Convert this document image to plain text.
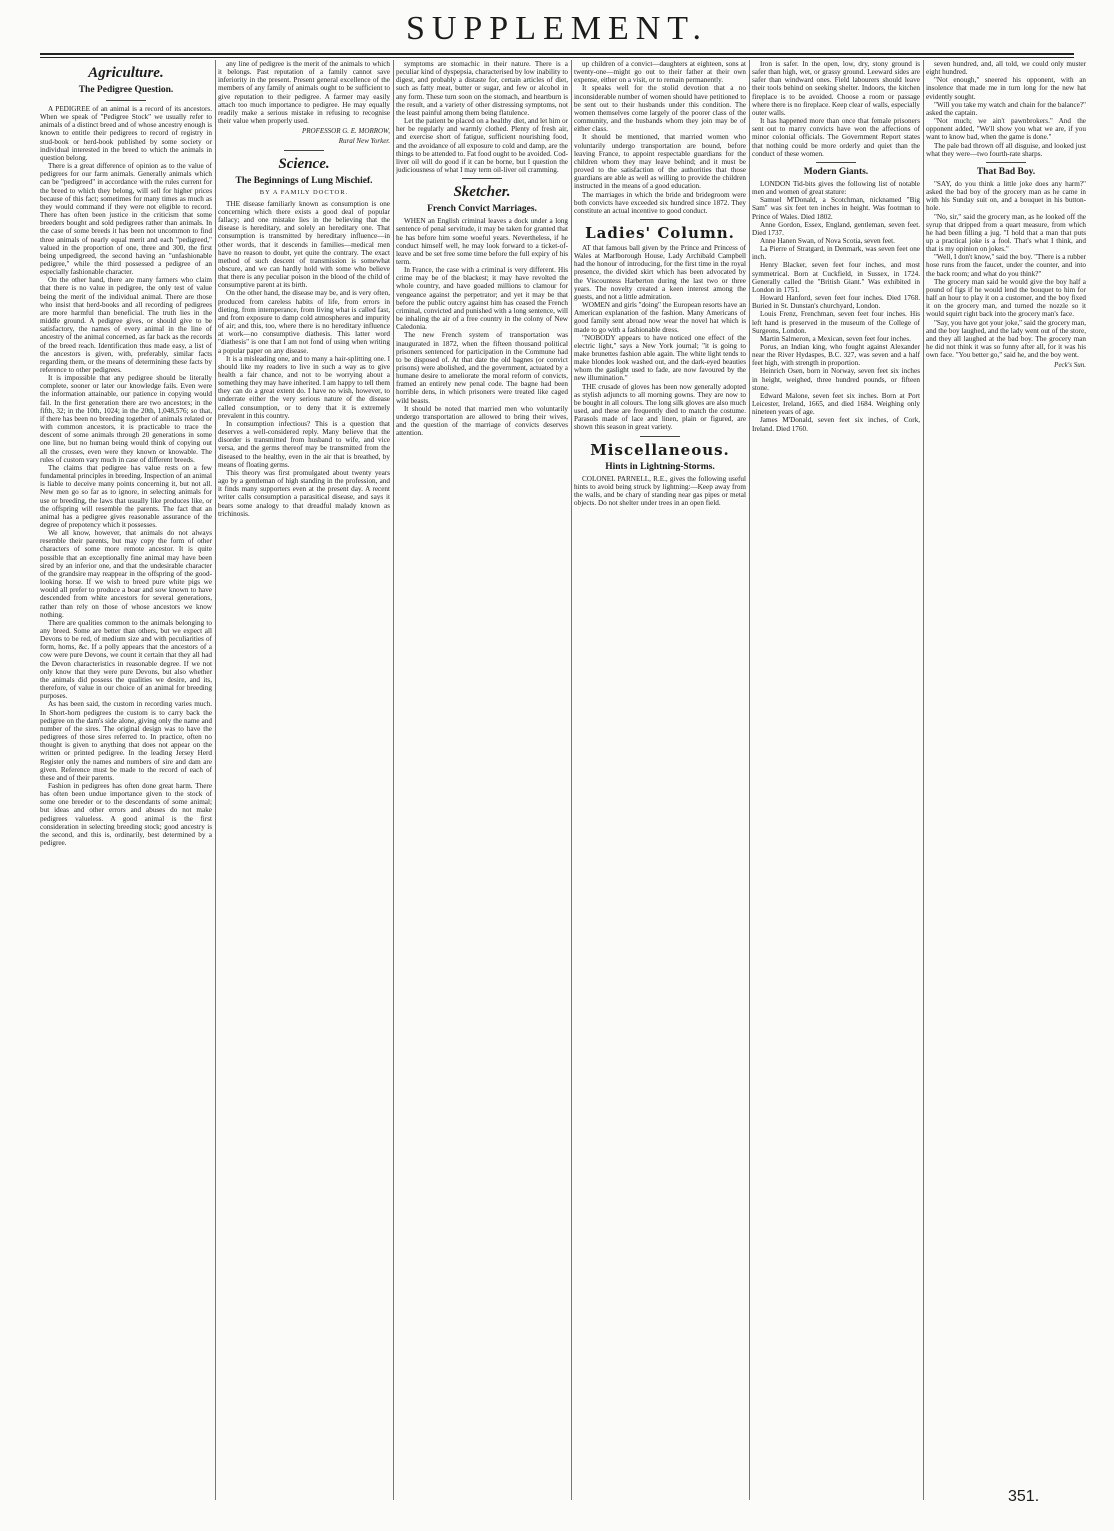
SUPPLEMENT.
Agriculture.
The Pedigree Question.

A PEDIGREE of an animal is a record of its ancestors. When we speak of "Pedigree Stock" we usually refer to animals of a distinct breed and of whose ancestry enough is known to entitle their pedigrees to record of registry in stud-book or herd-book published by some society or individual interested in the breed to which the animals in question belong.

There is a great difference of opinion as to the value of pedigrees for our farm animals. Generally animals which can be "pedigreed" in accordance with the rules current for the breed to which they belong, will sell for higher prices because of this fact; sometimes for many times as much as they would command if they were not eligible to record. There has often been justice in the criticism that some breeders bought and sold pedigrees rather than animals. In the case of some breeds it has been not uncommon to find three animals of nearly equal merit and each "pedigreed," valued in the proportion of one, three and 300, the first being unpedigreed, the second having an "unfashionable pedigree," while the third possessed a pedigree of an especially fashionable character.

On the other hand, there are many farmers who claim that there is no value in pedigree, the only test of value being the merit of the individual animal. There are those who insist that herd-books and all recording of pedigrees are more harmful than beneficial. The truth lies in the middle ground. A pedigree gives, or should give to be satisfactory, the names of every animal in the line of ancestry of the animal concerned, as far back as the records of the breed reach. Identification thus made easy, a list of the ancestors is given, with, preferably, similar facts regarding them, or the means of determining these facts by reference to other pedigrees.

It is impossible that any pedigree should be literally complete, sooner or later our knowledge fails. Even were the information attainable, our patience in copying would fail. In the first generation there are two ancestors; in the fifth, 32; in the 10th, 1024; in the 20th, 1,048,576; so that, if there has been no breeding together of animals related or with common ancestors, it is practicable to trace the descent of some animals through 20 generations in some one line, but no human being would think of copying out all the crosses, even were they known or knowable. The rules of custom vary much in case of different breeds.

The claims that pedigree has value rests on a few fundamental principles in breeding. Inspection of an animal is liable to deceive many points concerning it, but not all. New men go so far as to ignore, in selecting animals for use or breeding, the laws that usually like produces like, or the offspring will resemble the parents. The fact that an animal has a pedigree gives reasonable assurance of the degree of prepotency which it possesses.

We all know, however, that animals do not always resemble their parents, but may copy the form of other characters of some more remote ancestor. It is quite possible that an exceptionally fine animal may have been sired by an inferior one, and that the undesirable character of the grandsire may reappear in the offspring of the good-looking horse. If we wish to breed pure white pigs we would all prefer to produce a boar and sow known to have descended from white ancestors for several generations, rather than rely on those of whose ancestors we know nothing.

There are qualities common to the animals belonging to any breed. Some are better than others, but we expect all Devons to be red, of medium size and with peculiarities of form, horns, &c. If a polly appears that the ancestors of a cow were pure Devons, we count it certain that they all had the Devon characteristics in reasonable degree. If we not only know that they were pure Devons, but also whether the animals did possess the qualities we desire, and its, therefore, of value in our choice of an animal for breeding purposes.

As has been said, the custom in recording varies much. In Short-horn pedigrees the custom is to carry back the pedigree on the dam's side alone, giving only the name and number of the sires. The original design was to have the pedigrees of those sires referred to. In practice, often no thought is given to anything that does not appear on the written or printed pedigree. In the leading Jersey Herd Register only the names and numbers of sire and dam are given. Reference must be made to the record of each of these and of their parents.

Fashion in pedigrees has often done great harm. There has often been undue importance given to the stock of some one breeder or to the descendants of some animal; but ideas and other errors and abuses do not make pedigrees valueless. A good animal is the first consideration in selecting breeding stock; good ancestry is the second, and this is, ordinarily, best determined by a pedigree.

any line of pedigree is the merit of the animals to which it belongs. Past reputation of a family cannot save inferiority in the present. Present general excellence of the members of any family of animals ought to be sufficient to give reputation to their pedigree. A farmer may easily attach too much importance to pedigree. He may equally readily make a serious mistake in refusing to recognise their value when properly used.

PROFESSOR G. E. MORROW,
Rural New Yorker.
Science.
The Beginnings of Lung Mischief.
BY A FAMILY DOCTOR.

THE disease familiarly known as consumption is one concerning which there exists a good deal of popular fallacy; and one mistake lies in the believing that the disease is hereditary, and solely an hereditary one. That consumption is transmitted by hereditary influence—in other words, that it descends in families—medical men have no reason to doubt, yet quite the contrary. The exact method of such descent of transmission is somewhat obscure, and we can hardly hold with some who believe that there is any peculiar poison in the blood of the child of consumptive parent at its birth.

On the other hand, the disease may be, and is very often, produced from careless habits of life, from errors in dieting, from intemperance, from living what is called fast, and from exposure to damp cold atmospheres and impurity of air; and this, too, where there is no hereditary influence at work—no consumptive diathesis. This latter word "diathesis" is one that I am not fond of using when writing a popular paper on any disease.

It is a misleading one, and to many a hair-splitting one. I should like my readers to live in such a way as to give health a fair chance, and not to be worrying about a something they may have inherited. I am happy to tell them they can do a great extent do. I have no wish, however, to underrate either the very serious nature of the disease called consumption, or to deny that it is extremely prevalent in this country.

In consumption infectious? This is a question that deserves a well-considered reply. Many believe that the disorder is transmitted from husband to wife, and vice versa, and the germs thereof may be transmitted from the diseased to the healthy, even in the air that is breathed, by means of floating germs.

This theory was first promulgated about twenty years ago by a gentleman of high standing in the profession, and it finds many supporters even at the present day. A recent writer calls consumption a parasitical disease, and says it bears some analogy to that dreadful malady known as trichinosis.

symptoms are stomachic in their nature. There is a peculiar kind of dyspepsia, characterised by low inability to digest, and probably a distaste for, certain articles of diet, such as fatty meat, butter or sugar, and few or alcohol in any form. These turn soon on the stomach, and heartburn is the result, and a variety of other distressing symptoms, not the least painful among them being flatulence.

Let the patient be placed on a healthy diet, and let him or her be regularly and warmly clothed. Plenty of fresh air, and exercise short of fatigue, sufficient nourishing food, and the avoidance of all exposure to cold and damp, are the things to be attended to. Fat food ought to be avoided. Cod-liver oil will do good if it can be borne, but I question the judiciousness of what I may term oil-liver oil cramming.

Sketcher.
French Convict Marriages.

WHEN an English criminal leaves a dock under a long sentence of penal servitude, it may be taken for granted that he has before him some woeful years. Nevertheless, if he conduct himself well, he may look forward to a ticket-of-leave and be set free some time before the full expiry of his term.

In France, the case with a criminal is very different. His crime may be of the blackest; it may have revolted the whole country, and have goaded millions to clamour for vengeance against the perpetrator; and yet it may be that before the public outcry against him has ceased the French criminal, convicted and punished with a long sentence, will be inhaling the air of a free country in the colony of New Caledonia.

The new French system of transportation was inaugurated in 1872, when the fifteen thousand political prisoners sentenced for participation in the Commune had to be disposed of. At that date the old bagnes (or convict prisons) were abolished, and the government, actuated by a humane desire to ameliorate the moral reform of convicts, framed an entirely new penal code. The bagne had been horrible dens, in which prisoners were treated like caged wild beasts.

It should be noted that married men who voluntarily undergo transportation are allowed to bring their wives, and the question of the marriage of convicts deserves attention.

up children of a convict—daughters at eighteen, sons at twenty-one—might go out to their father at their own expense, either on a visit, or to remain permanently.

It speaks well for the stolid devotion that a no inconsiderable number of women should have petitioned to be sent out to their husbands under this condition. The women themselves come largely of the poorer class of the community, and the husbands whom they join may be of either class.

It should be mentioned, that married women who voluntarily undergo transportation are bound, before leaving France, to appoint respectable guardians for the children whom they may leave behind; and it must be proved to the satisfaction of the authorities that those guardians are able as well as willing to provide the children instructed in the means of a good education.

The marriages in which the bride and bridegroom were both convicts have exceeded six hundred since 1872. They constitute an actual incentive to good conduct.

Ladies' Column.

AT that famous ball given by the Prince and Princess of Wales at Marlborough House, Lady Archibald Campbell had the honour of introducing, for the first time in the royal presence, the divided skirt which has been advocated by the Viscountess Harberton during the last two or three years. The novelty created a keen interest among the guests, and not a little admiration.

WOMEN and girls "doing" the European resorts have an American explanation of the fashion. Many Americans of good family sent abroad now wear the novel hat which is made to go with a fashionable dress.

"NOBODY appears to have noticed one effect of the electric light," says a New York journal; "it is going to make brunettes fashion able again. The white light tends to make blondes look washed out, and the dark-eyed beauties whom the gaslight used to fade, are now favoured by the new illumination."

THE crusade of gloves has been now generally adopted as stylish adjuncts to all morning gowns. They are now to be bought in all colours. The long silk gloves are also much used, and these are frequently died to match the costume. Parasols made of lace and linen, plain or figured, are shown this season in great variety.

Miscellaneous.
Hints in Lightning-Storms.

COLONEL PARNELL, R.E., gives the following useful hints to avoid being struck by lightning:—Keep away from the walls, and be chary of standing near gas pipes or metal objects. Do not shelter under trees in an open field.

Iron is safer. In the open, low, dry, stony ground is safer than high, wet, or grassy ground. Leeward sides are safer than windward ones. Field labourers should leave their tools behind on seeking shelter. Indoors, the kitchen fireplace is to be avoided. Choose a room or passage where there is no fireplace. Keep clear of walls, especially outer walls.

It has happened more than once that female prisoners sent out to marry convicts have won the affections of minor colonial officials. The Government Report states that nothing could be more orderly and quiet than the conduct of these women.

Modern Giants.

LONDON Tid-bits gives the following list of notable men and women of great stature:

Samuel M'Donald, a Scotchman, nicknamed "Big Sam" was six feet ten inches in height. Was footman to Prince of Wales. Died 1802.

Anne Gordon, Essex, England, gentleman, seven feet. Died 1737.

Anne Hanen Swan, of Nova Scotia, seven feet.

La Pierre of Stratgard, in Denmark, was seven feet one inch.

Henry Blacker, seven feet four inches, and most symmetrical. Born at Cuckfield, in Sussex, in 1724. Generally called the "British Giant." Was exhibited in London in 1751.

Howard Hanford, seven feet four inches. Died 1768. Buried in St. Dunstan's churchyard, London.

Louis Frenz, Frenchman, seven feet four inches. His left hand is preserved in the museum of the College of Surgeons, London.

Martin Salmeron, a Mexican, seven feet four inches.

Porus, an Indian king, who fought against Alexander near the River Hydaspes, B.C. 327, was seven and a half feet high, with strength in proportion.

Heinrich Osen, born in Norway, seven feet six inches in height, weighed, three hundred pounds, or fifteen stone.

Edward Malone, seven feet six inches. Born at Port Leicester, Ireland, 1665, and died 1684. Weighing only nineteen years of age.

James M'Donald, seven feet six inches, of Cork, Ireland. Died 1760.

seven hundred, and, all told, we could only muster eight hundred.

"Not enough," sneered his opponent, with an insolence that made me in turn long for the new hat evidently sought.

"Will you take my watch and chain for the balance?" asked the captain.

"Not much; we ain't pawnbrokers." And the opponent added, "We'll show you what we are, if you want to know bad, when the game is done."

The pale bad thrown off all disguise, and looked just what they were—two fourth-rate sharps.

That Bad Boy.

"SAY, do you think a little joke does any harm?" asked the bad boy of the grocery man as he came in with his Sunday suit on, and a bouquet in his button-hole.

"No, sir," said the grocery man, as he looked off the syrup that dripped from a quart measure, from which he had been filling a jug. "I hold that a man that puts up a practical joke is a fool. That's what I think, and that is my opinion on jokes."

"Well, I don't know," said the boy. "There is a rubber hose runs from the faucet, under the counter, and into the back room; and what do you think?"

The grocery man said he would give the boy half a pound of figs if he would lend the bouquet to him for half an hour to play it on a customer, and the boy fixed it on the grocery man, and turned the nozzle so it would squirt right back into the grocery man's face.

"Say, you have got your joke," said the grocery man, and the boy laughed, and the lady went out of the store, and they all laughed at the bad boy. The grocery man he did not think it was so funny after all, for it was his own face. "You better go," said he, and the boy went.

Peck's Sun.
351.
